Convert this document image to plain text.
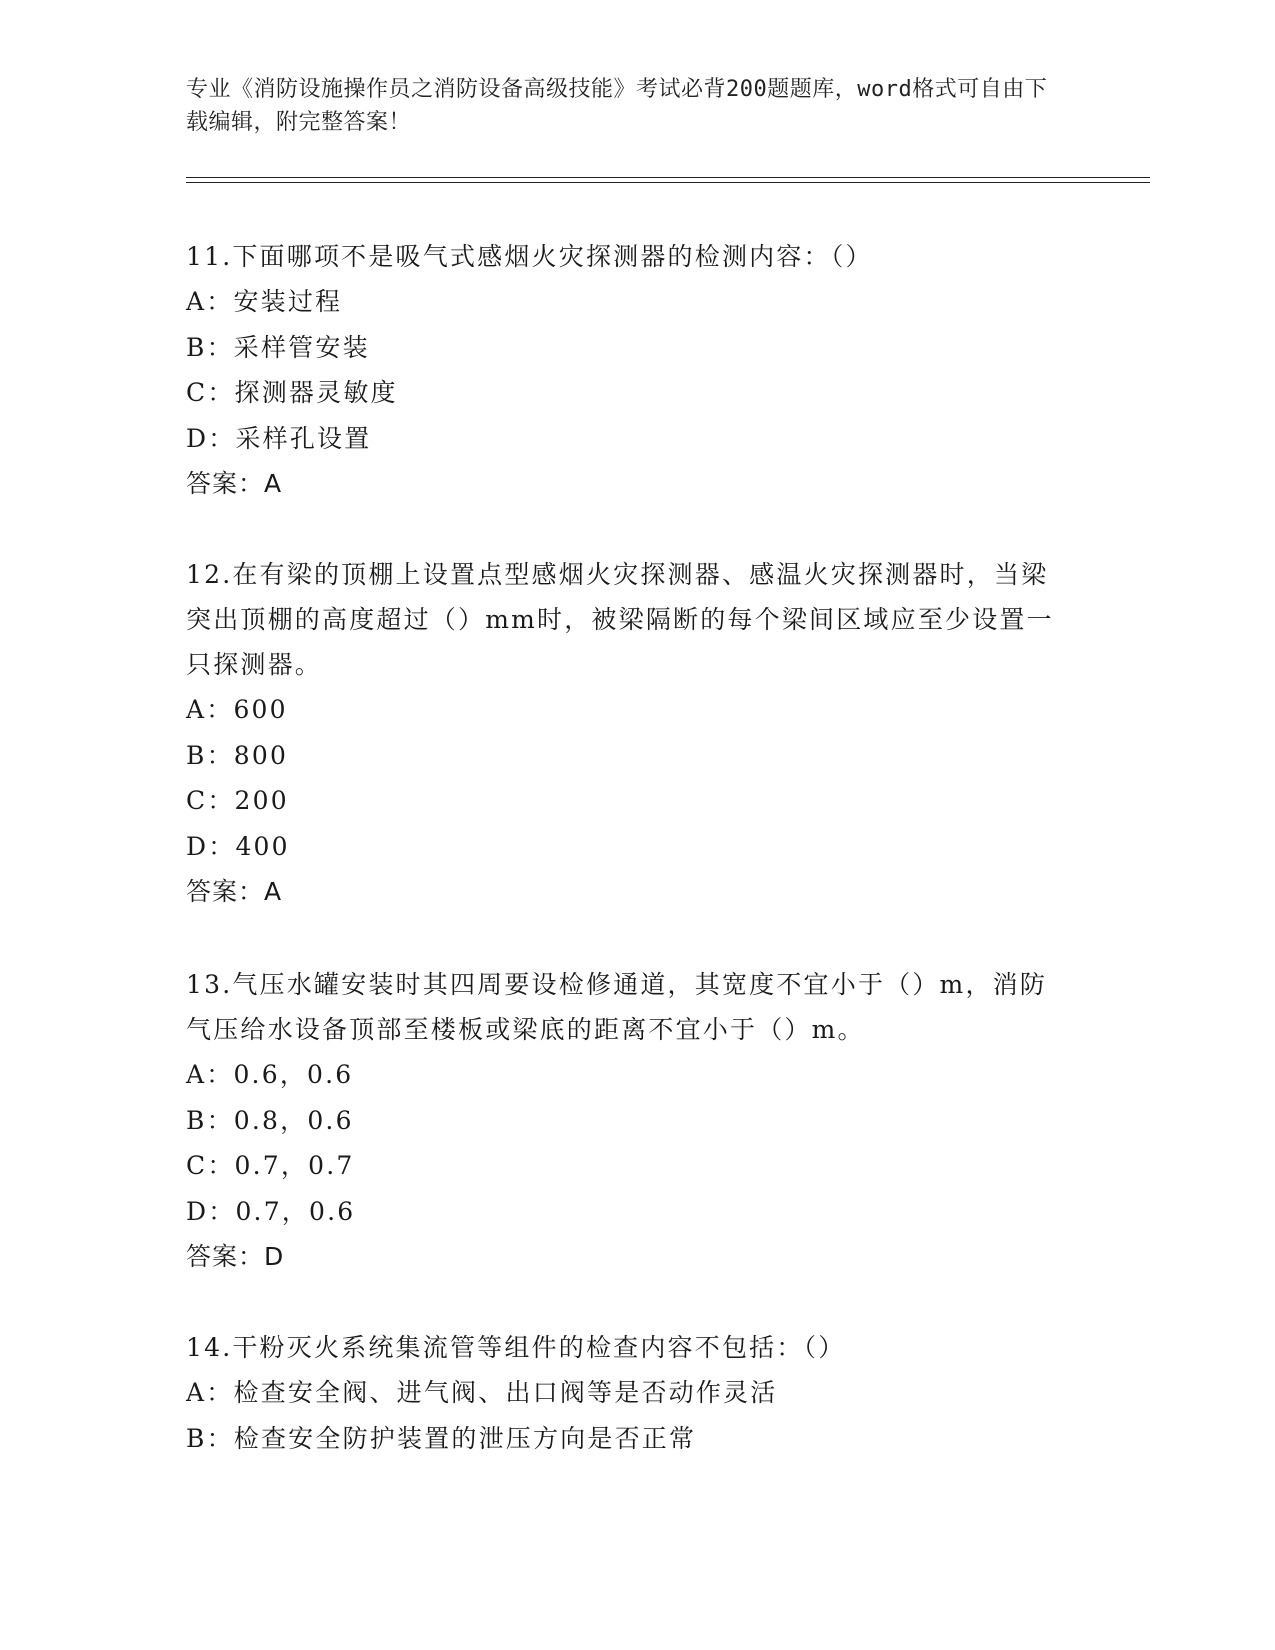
专业《消防设施操作员之消防设备高级技能》考试必背200题题库，word格式可自由下载编辑，附完整答案！
11.下面哪项不是吸气式感烟火灾探测器的检测内容：（）
A：安装过程
B：采样管安装
C：探测器灵敏度
D：采样孔设置
答案：A
12.在有梁的顶棚上设置点型感烟火灾探测器、感温火灾探测器时，当梁突出顶棚的高度超过（）mm时，被梁隔断的每个梁间区域应至少设置一只探测器。
A：600
B：800
C：200
D：400
答案：A
13.气压水罐安装时其四周要设检修通道，其宽度不宜小于（）m，消防气压给水设备顶部至楼板或梁底的距离不宜小于（）m。
A：0.6，0.6
B：0.8，0.6
C：0.7，0.7
D：0.7，0.6
答案：D
14.干粉灭火系统集流管等组件的检查内容不包括：（）
A：检查安全阀、进气阀、出口阀等是否动作灵活
B：检查安全防护装置的泄压方向是否正常
